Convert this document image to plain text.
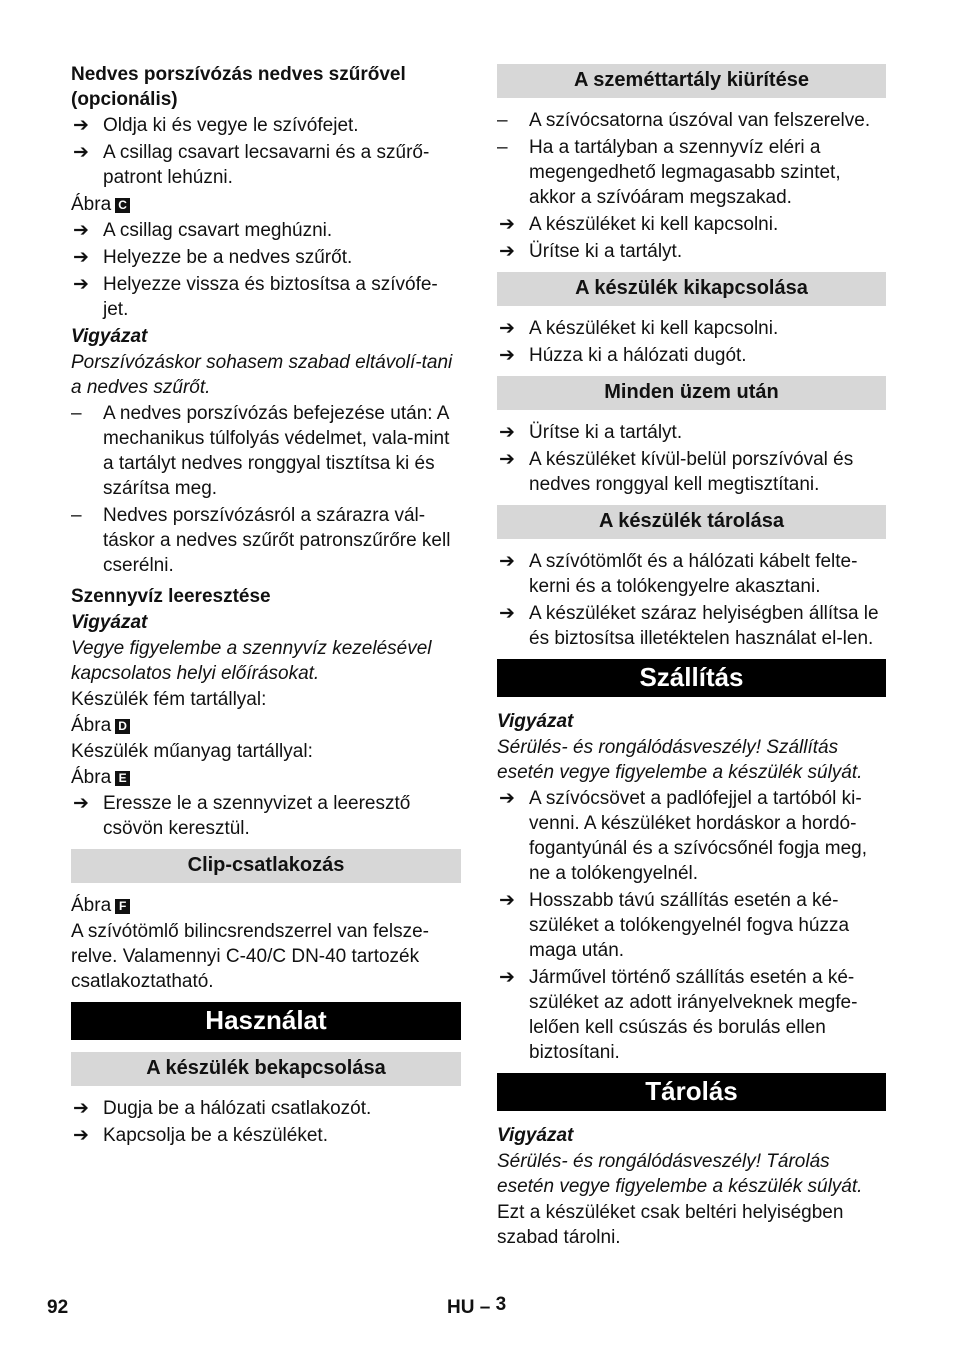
Nedves porszívózás nedves szűrővel (opcionális)
➔ Oldja ki és vegye le szívófejet.
➔ A csillag csavart lecsavarni és a szűrő-patront lehúzni.
Ábra C
➔ A csillag csavart meghúzni.
➔ Helyezze be a nedves szűrőt.
➔ Helyezze vissza és biztosítsa a szívófe-jet.
Vigyázat
Porszívózáskor sohasem szabad eltávolí-tani a nedves szűrőt.
–	A nedves porszívózás befejezése után: A mechanikus túlfolyás védelmet, vala-mint a tartályt nedves ronggyal tisztítsa ki és szárítsa meg.
–	Nedves porszívózásról a szárazra vál-táskor a nedves szűrőt patronszűrőre kell cserélni.
Szennyvíz leeresztése
Vigyázat
Vegye figyelembe a szennyvíz kezelésével kapcsolatos helyi előírásokat.
Készülék fém tartállyal:
Ábra D
Készülék műanyag tartállyal:
Ábra E
➔ Eressze le a szennyvizet a leeresztő csövön keresztül.
Clip-csatlakozás
Ábra F
A szívótömlő bilincsrendszerrel van felsze-relve. Valamennyi C-40/C DN-40 tartozék csatlakoztatható.
Használat
A készülék bekapcsolása
➔ Dugja be a hálózati csatlakozót.
➔ Kapcsolja be a készüléket.
A szeméttartály kiürítése
–	A szívócsatorna úszóval van felszerelve.
–	Ha a tartályban a szennyvíz eléri a megengedhető legmagasabb szintet, akkor a szívóáram megszakad.
➔ A készüléket ki kell kapcsolni.
➔ Ürítse ki a tartályt.
A készülék kikapcsolása
➔ A készüléket ki kell kapcsolni.
➔ Húzza ki a hálózati dugót.
Minden üzem után
➔ Ürítse ki a tartályt.
➔ A készüléket kívül-belül porszívóval és nedves ronggyal kell megtisztítani.
A készülék tárolása
➔ A szívótömlőt és a hálózati kábelt felte-kerni és a tolókengyelre akasztani.
➔ A készüléket száraz helyiségben állítsa le és biztosítsa illetéktelen használat el-len.
Szállítás
Vigyázat
Sérülés- és rongálódásveszély! Szállítás esetén vegye figyelembe a készülék súlyát.
➔ A szívócsövet a padlófejjel a tartóból ki-venni. A készüléket hordáskor a hordó-fogantyúnál és a szívócsőnél fogja meg, ne a tolókengyelnél.
➔ Hosszabb távú szállítás esetén a ké-szüléket a tolókengyelnél fogva húzza maga után.
➔ Járművel történő szállítás esetén a ké-szüléket az adott irányelveknek megfe-lelően kell csúszás és borulás ellen biztosítani.
Tárolás
Vigyázat
Sérülés- és rongálódásveszély! Tárolás esetén vegye figyelembe a készülék súlyát.
Ezt a készüléket csak beltéri helyiségben szabad tárolni.
92	HU – 3
